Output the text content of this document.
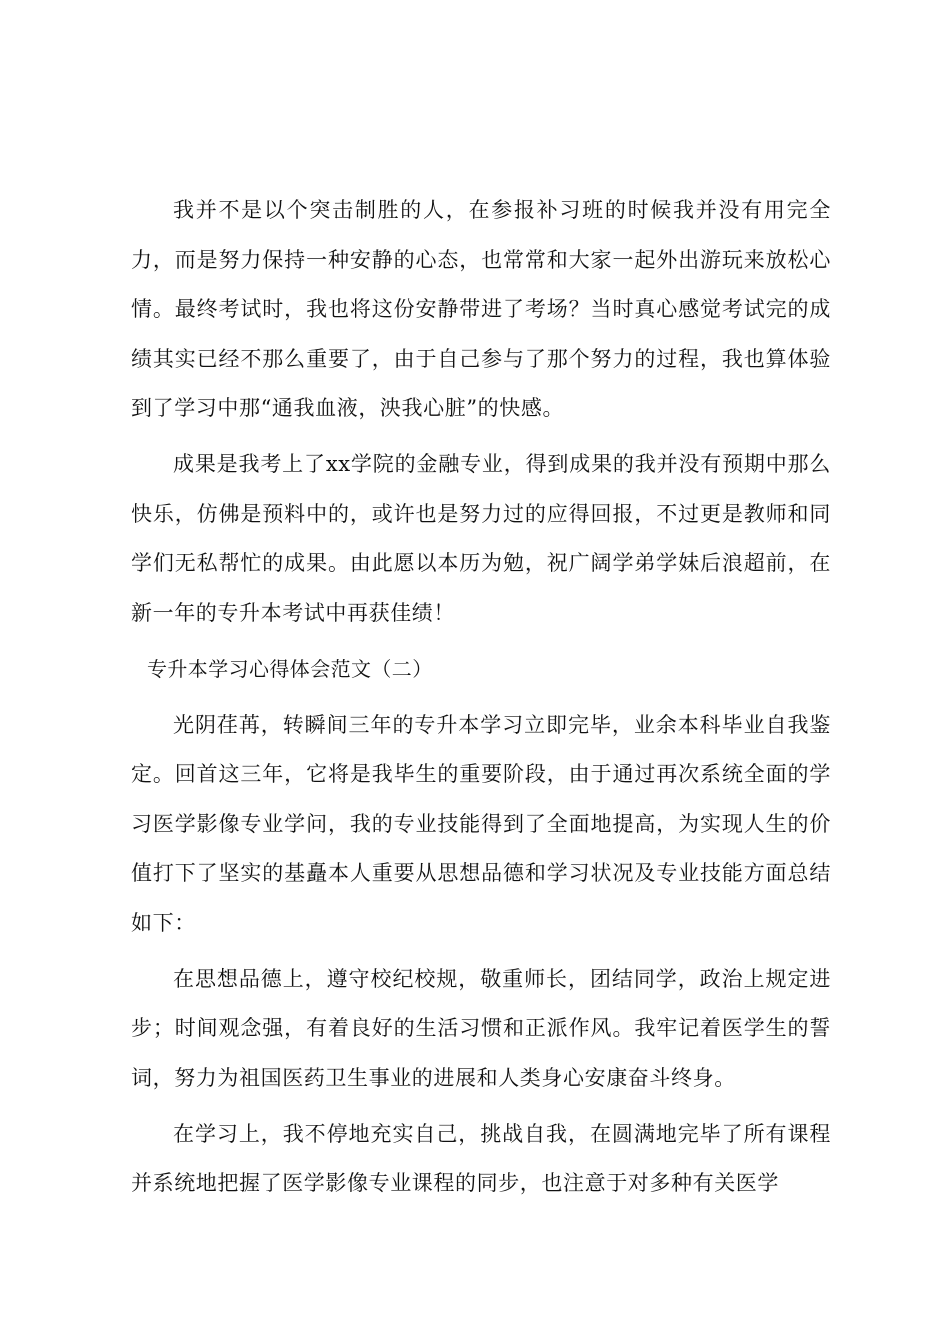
我并不是以个突击制胜的人，在参报补习班的时候我并没有用完全力，而是努力保持一种安静的心态，也常常和大家一起外出游玩来放松心情。最终考试时，我也将这份安静带进了考场？当时真心感觉考试完的成绩其实已经不那么重要了，由于自己参与了那个努力的过程，我也算体验到了学习中那“通我血液，泱我心脏”的快感。

成果是我考上了xx学院的金融专业，得到成果的我并没有预期中那么快乐，仿佛是预料中的，或许也是努力过的应得回报，不过更是教师和同学们无私帮忙的成果。由此愿以本历为勉，祝广阔学弟学妹后浪超前，在新一年的专升本考试中再获佳绩！

专升本学习心得体会范文（二）

光阴荏苒，转瞬间三年的专升本学习立即完毕，业余本科毕业自我鉴定。回首这三年，它将是我毕生的重要阶段，由于通过再次系统全面的学习医学影像专业学问，我的专业技能得到了全面地提高，为实现人生的价值打下了坚实的基矗本人重要从思想品德和学习状况及专业技能方面总结如下：

在思想品德上，遵守校纪校规，敬重师长，团结同学，政治上规定进步；时间观念强，有着良好的生活习惯和正派作风。我牢记着医学生的誓词，努力为祖国医药卫生事业的进展和人类身心安康奋斗终身。

在学习上，我不停地充实自己，挑战自我，在圆满地完毕了所有课程并系统地把握了医学影像专业课程的同步，也注意于对多种有关医学
